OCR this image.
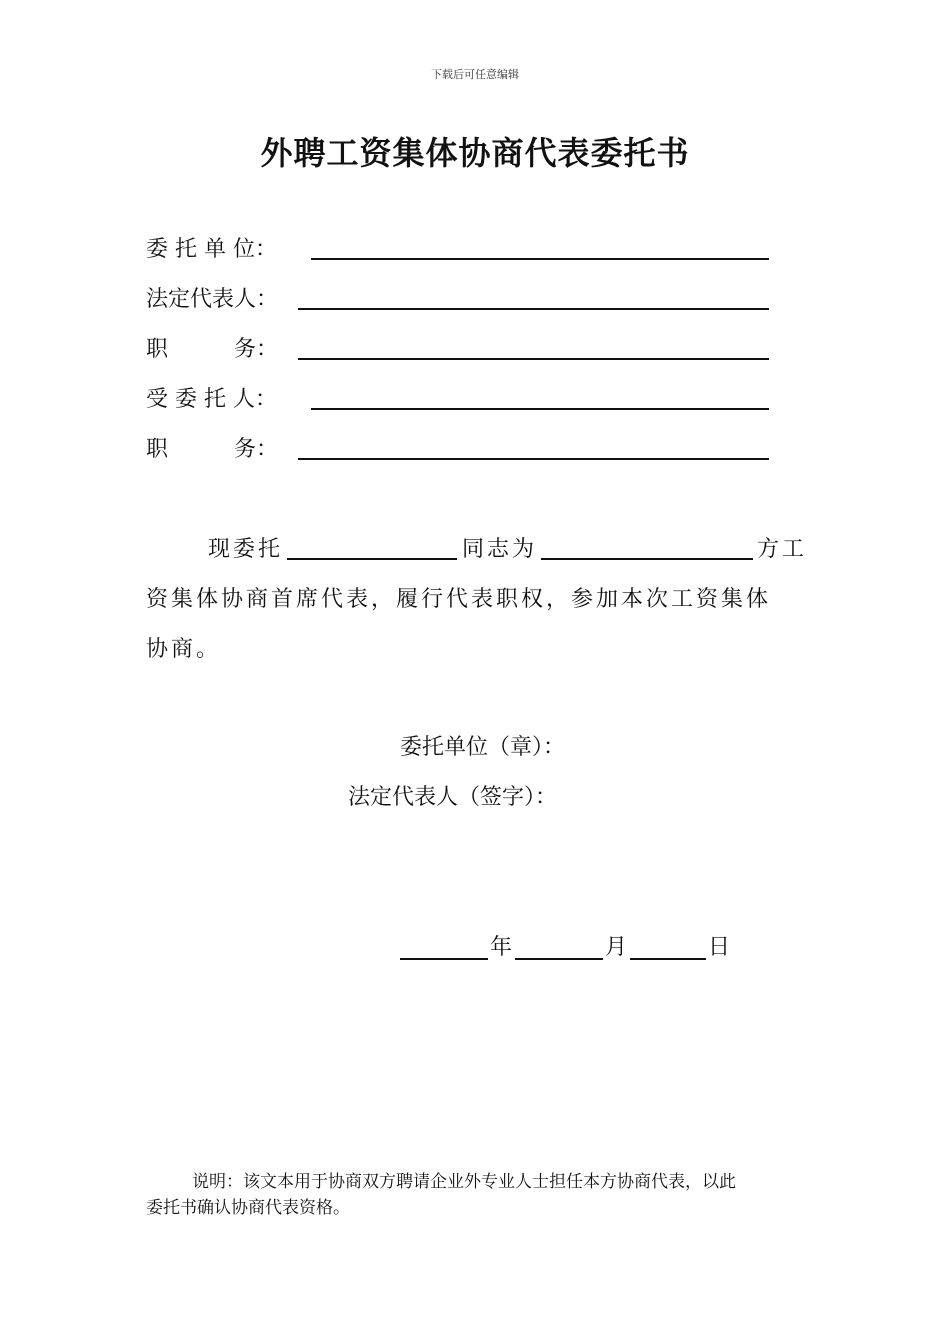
下载后可任意编辑
外聘工资集体协商代表委托书
委 托 单 位：
法定代表人：
职　　　务：
受 委 托 人：
职　　　务：
现委托	同志为	方工
资集体协商首席代表，履行代表职权，参加本次工资集体
协商。
委托单位（章）：
法定代表人（签字）：
年	月	日
说明：该文本用于协商双方聘请企业外专业人士担任本方协商代表，以此
委托书确认协商代表资格。
